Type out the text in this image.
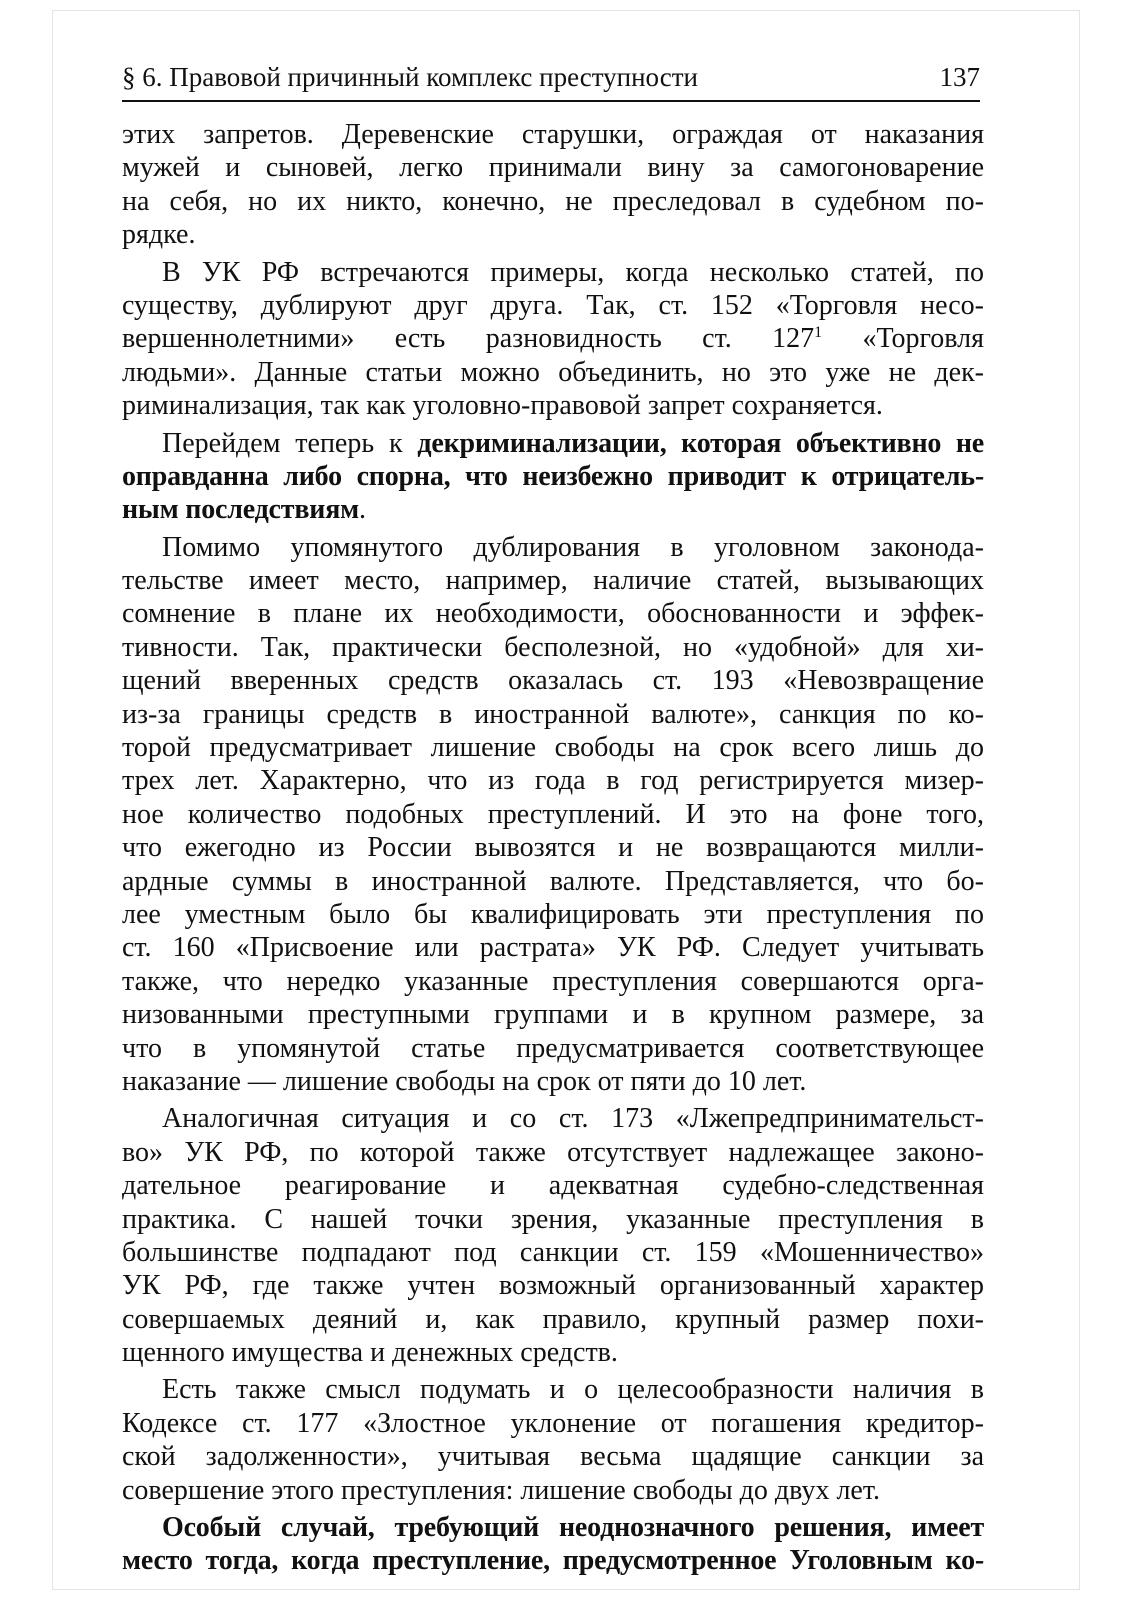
§ 6. Правовой причинный комплекс преступности	137
этих запретов. Деревенские старушки, ограждая от наказания
мужей и сыновей, легко принимали вину за самогоноварение
на себя, но их никто, конечно, не преследовал в судебном по-
рядке.
В УК РФ встречаются примеры, когда несколько статей, по
существу, дублируют друг друга. Так, ст. 152 «Торговля несо-
вершеннолетними» есть разновидность ст. $127^1$ «Торговля
людьми». Данные статьи можно объединить, но это уже не дек-
риминализация, так как уголовно-правовой запрет сохраняется.
Перейдем теперь к декриминализации, которая объективно не
оправданна либо спорна, что неизбежно приводит к отрицатель-
ным последствиям.
Помимо упомянутого дублирования в уголовном законода-
тельстве имеет место, например, наличие статей, вызывающих
сомнение в плане их необходимости, обоснованности и эффек-
тивности. Так, практически бесполезной, но «удобной» для хи-
щений вверенных средств оказалась ст. 193 «Невозвращение
из-за границы средств в иностранной валюте», санкция по ко-
торой предусматривает лишение свободы на срок всего лишь до
трех лет. Характерно, что из года в год регистрируется мизер-
ное количество подобных преступлений. И это на фоне того,
что ежегодно из России вывозятся и не возвращаются милли-
ардные суммы в иностранной валюте. Представляется, что бо-
лее уместным было бы квалифицировать эти преступления по
ст. 160 «Присвоение или растрата» УК РФ. Следует учитывать
также, что нередко указанные преступления совершаются орга-
низованными преступными группами и в крупном размере, за
что в упомянутой статье предусматривается соответствующее
наказание — лишение свободы на срок от пяти до 10 лет.
Аналогичная ситуация и со ст. 173 «Лжепредпринимательст-
во» УК РФ, по которой также отсутствует надлежащее законо-
дательное реагирование и адекватная судебно-следственная
практика. С нашей точки зрения, указанные преступления в
большинстве подпадают под санкции ст. 159 «Мошенничество»
УК РФ, где также учтен возможный организованный характер
совершаемых деяний и, как правило, крупный размер похи-
щенного имущества и денежных средств.
Есть также смысл подумать и о целесообразности наличия в
Кодексе ст. 177 «Злостное уклонение от погашения кредитор-
ской задолженности», учитывая весьма щадящие санкции за
совершение этого преступления: лишение свободы до двух лет.
Особый случай, требующий неоднозначного решения, имеет
место тогда, когда преступление, предусмотренное Уголовным ко-
